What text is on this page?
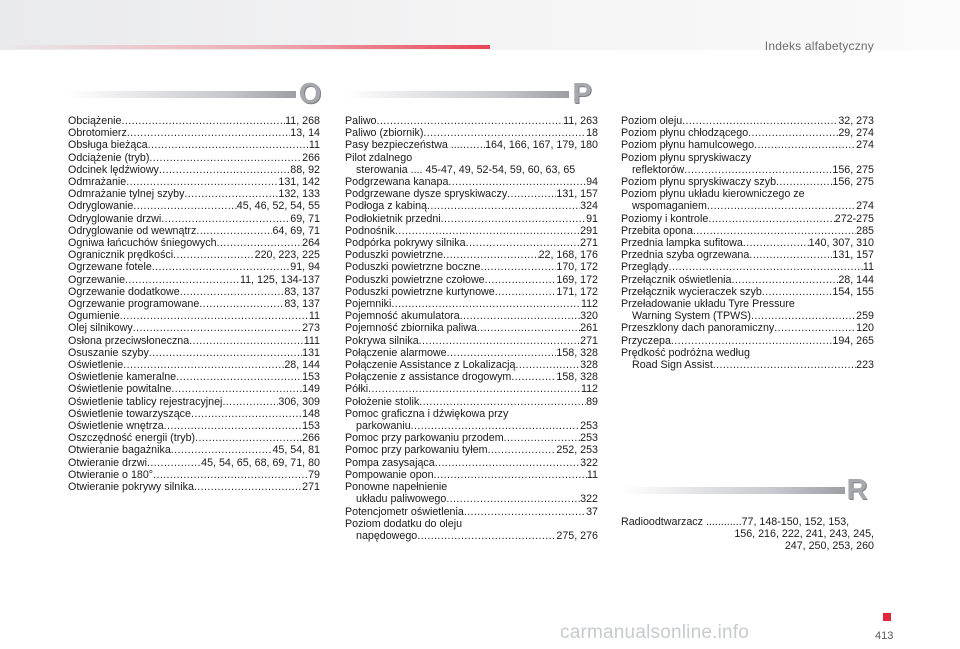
Indeks alfabetyczny
O	P
R
Obciążenie .....	11, 268
Obrotomierz .....	13, 14
Obsługa bieżąca .....	11
Odciążenie (tryb) .....	266
Odcinek lędźwiowy .....	88, 92
Odmrażanie .....	131, 142
Odmrażanie tylnej szyby .....	132, 133
Odryglowanie .....	45, 46, 52, 54, 55
Odryglowanie drzwi .....	69, 71
Odryglowanie od wewnątrz .....	64, 69, 71
Ogniwa łańcuchów śniegowych .....	264
Ogranicznik prędkości .....	220, 223, 225
Ogrzewane fotele .....	91, 94
Ogrzewanie .....	11, 125, 134-137
Ogrzewanie dodatkowe .....	83, 137
Ogrzewanie programowane .....	83, 137
Ogumienie .....	11
Olej silnikowy .....	273
Osłona przeciwsłoneczna .....	111
Osuszanie szyby .....	131
Oświetlenie .....	28, 144
Oświetlenie kameralne .....	153
Oświetlenie powitalne .....	149
Oświetlenie tablicy rejestracyjnej .....	306, 309
Oświetlenie towarzyszące .....	148
Oświetlenie wnętrza .....	153
Oszczędność energii (tryb) .....	266
Otwieranie bagażnika .....	45, 54, 81
Otwieranie drzwi .....	45, 54, 65, 68, 69, 71, 80
Otwieranie o 180° .....	79
Otwieranie pokrywy silnika .....	271
Paliwo .....	11, 263
Paliwo (zbiornik) .....	18
Pasy bezpieczeństwa ... ..... 164, 166, 167, 179, 180
Pilot zdalnego
sterowania .... 45-47, 49, 52-54, 59, 60, 63, 65
Podgrzewana kanapa .....	94
Podgrzewane dysze spryskiwaczy .....	131, 157
Podłoga z kabiną .....	324
Podłokietnik przedni .....	91
Podnośnik .....	291
Podpórka pokrywy silnika .....	271
Poduszki powietrzne .....	22, 168, 176
Poduszki powietrzne boczne .....	170, 172
Poduszki powietrzne czołowe .....	169, 172
Poduszki powietrzne kurtynowe .....	171, 172
Pojemniki .....	112
Pojemność akumulatora .....	320
Pojemność zbiornika paliwa .....	261
Pokrywa silnika .....	271
Połączenie alarmowe .....	158, 328
Połączenie Assistance z Lokalizacją .....	328
Połączenie z assistance drogowym .....	158, 328
Półki .....	112
Położenie stolik .....	89
Pomoc graficzna i dźwiękowa przy
parkowaniu .....	253
Pomoc przy parkowaniu przodem .....	253
Pomoc przy parkowaniu tyłem .....	252, 253
Pompa zasysająca .....	322
Pompowanie opon .....	11
Ponowne napełnienie
układu paliwowego .....	322
Potencjometr oświetlenia .....	37
Poziom dodatku do oleju
napędowego .....	275, 276
Poziom oleju .....	32, 273
Poziom płynu chłodzącego .....	29, 274
Poziom płynu hamulcowego .....	274
Poziom płynu spryskiwaczy
reflektorów .....	156, 275
Poziom płynu spryskiwaczy szyb .....	156, 275
Poziom płynu układu kierowniczego ze
wspomaganiem .....	274
Poziomy i kontrole .....	272-275
Przebita opona .....	285
Przednia lampka sufitowa .....	140, 307, 310
Przednia szyba ogrzewana .....	131, 157
Przeglądy .....	11
Przełącznik oświetlenia .....	28, 144
Przełącznik wycieraczek szyb .....	154, 155
Przeładowanie układu Tyre Pressure
Warning System (TPWS) .....	259
Przeszklony dach panoramiczny .....	120
Przyczepa .....	194, 265
Prędkość podróżna według
Road Sign Assist .....	223
Radioodtwarzacz ............77, 148-150, 152, 153,
156, 216, 222, 241, 243, 245,
247, 250, 253, 260
413
carmanualsonline.info
